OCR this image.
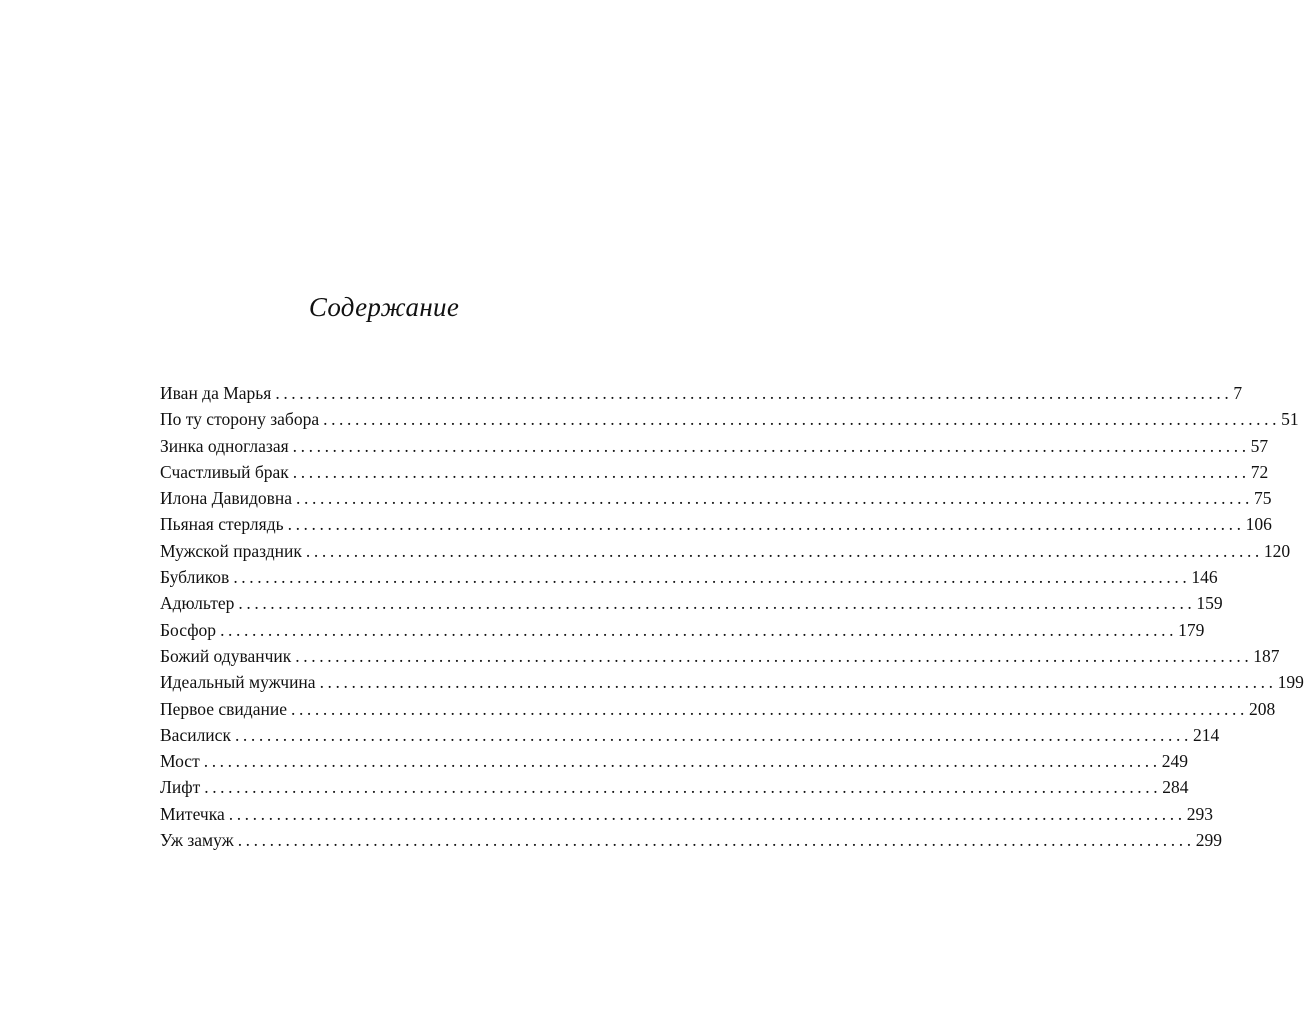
Содержание
Иван да Марья ........................................................................................................................ 7
По ту сторону забора ........................................................................................................................ 51
Зинка одноглазая ........................................................................................................................ 57
Счастливый брак ........................................................................................................................ 72
Илона Давидовна ........................................................................................................................ 75
Пьяная стерлядь ........................................................................................................................ 106
Мужской праздник ........................................................................................................................ 120
Бубликов ........................................................................................................................ 146
Адюльтер ........................................................................................................................ 159
Босфор ........................................................................................................................ 179
Божий одуванчик ........................................................................................................................ 187
Идеальный мужчина ........................................................................................................................ 199
Первое свидание ........................................................................................................................ 208
Василиск ........................................................................................................................ 214
Мост ........................................................................................................................ 249
Лифт ........................................................................................................................ 284
Митечка ........................................................................................................................ 293
Уж замуж ........................................................................................................................ 299
